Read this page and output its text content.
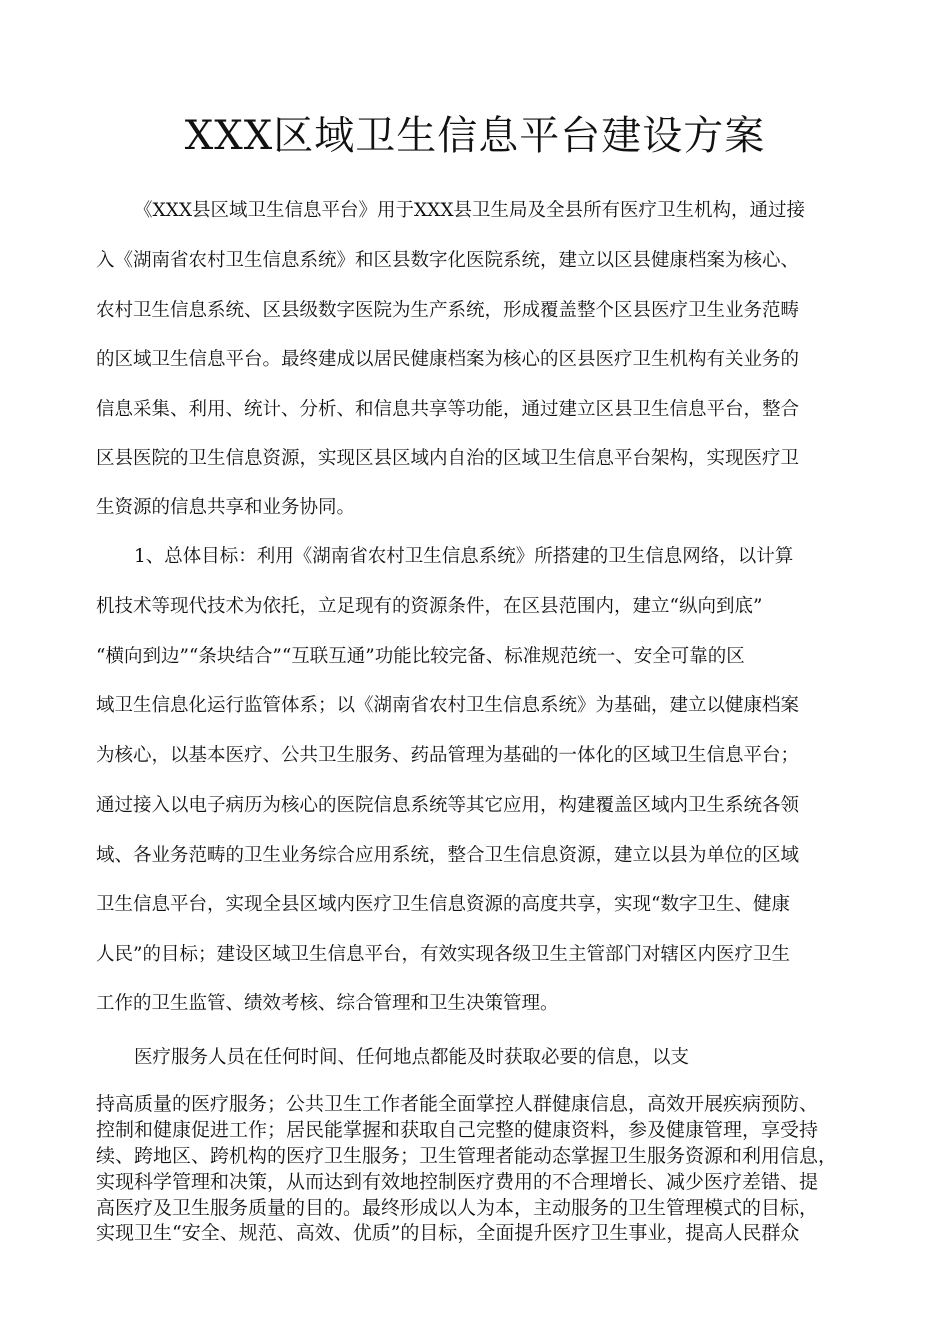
XXX区域卫生信息平台建设方案
《XXX县区域卫生信息平台》用于XXX县卫生局及全县所有医疗卫生机构，通过接
入《湖南省农村卫生信息系统》和区县数字化医院系统，建立以区县健康档案为核心、
农村卫生信息系统、区县级数字医院为生产系统，形成覆盖整个区县医疗卫生业务范畴
的区域卫生信息平台。最终建成以居民健康档案为核心的区县医疗卫生机构有关业务的
信息采集、利用、统计、分析、和信息共享等功能，通过建立区县卫生信息平台，整合
区县医院的卫生信息资源，实现区县区域内自治的区域卫生信息平台架构，实现医疗卫
生资源的信息共享和业务协同。
1、总体目标：利用《湖南省农村卫生信息系统》所搭建的卫生信息网络，以计算
机技术等现代技术为依托，立足现有的资源条件，在区县范围内，建立“纵向到底”
“横向到边”“条块结合”“互联互通”功能比较完备、标准规范统一、安全可靠的区
域卫生信息化运行监管体系；以《湖南省农村卫生信息系统》为基础，建立以健康档案
为核心，以基本医疗、公共卫生服务、药品管理为基础的一体化的区域卫生信息平台；
通过接入以电子病历为核心的医院信息系统等其它应用，构建覆盖区域内卫生系统各领
域、各业务范畴的卫生业务综合应用系统，整合卫生信息资源，建立以县为单位的区域
卫生信息平台，实现全县区域内医疗卫生信息资源的高度共享，实现“数字卫生、健康
人民”的目标；建设区域卫生信息平台，有效实现各级卫生主管部门对辖区内医疗卫生
工作的卫生监管、绩效考核、综合管理和卫生决策管理。
医疗服务人员在任何时间、任何地点都能及时获取必要的信息，以支
持高质量的医疗服务；公共卫生工作者能全面掌控人群健康信息，高效开展疾病预防、
控制和健康促进工作；居民能掌握和获取自己完整的健康资料，参及健康管理，享受持
续、跨地区、跨机构的医疗卫生服务；卫生管理者能动态掌握卫生服务资源和利用信息，
实现科学管理和决策，从而达到有效地控制医疗费用的不合理增长、减少医疗差错、提
高医疗及卫生服务质量的目的。最终形成以人为本，主动服务的卫生管理模式的目标，
实现卫生“安全、规范、高效、优质”的目标，全面提升医疗卫生事业，提高人民群众
